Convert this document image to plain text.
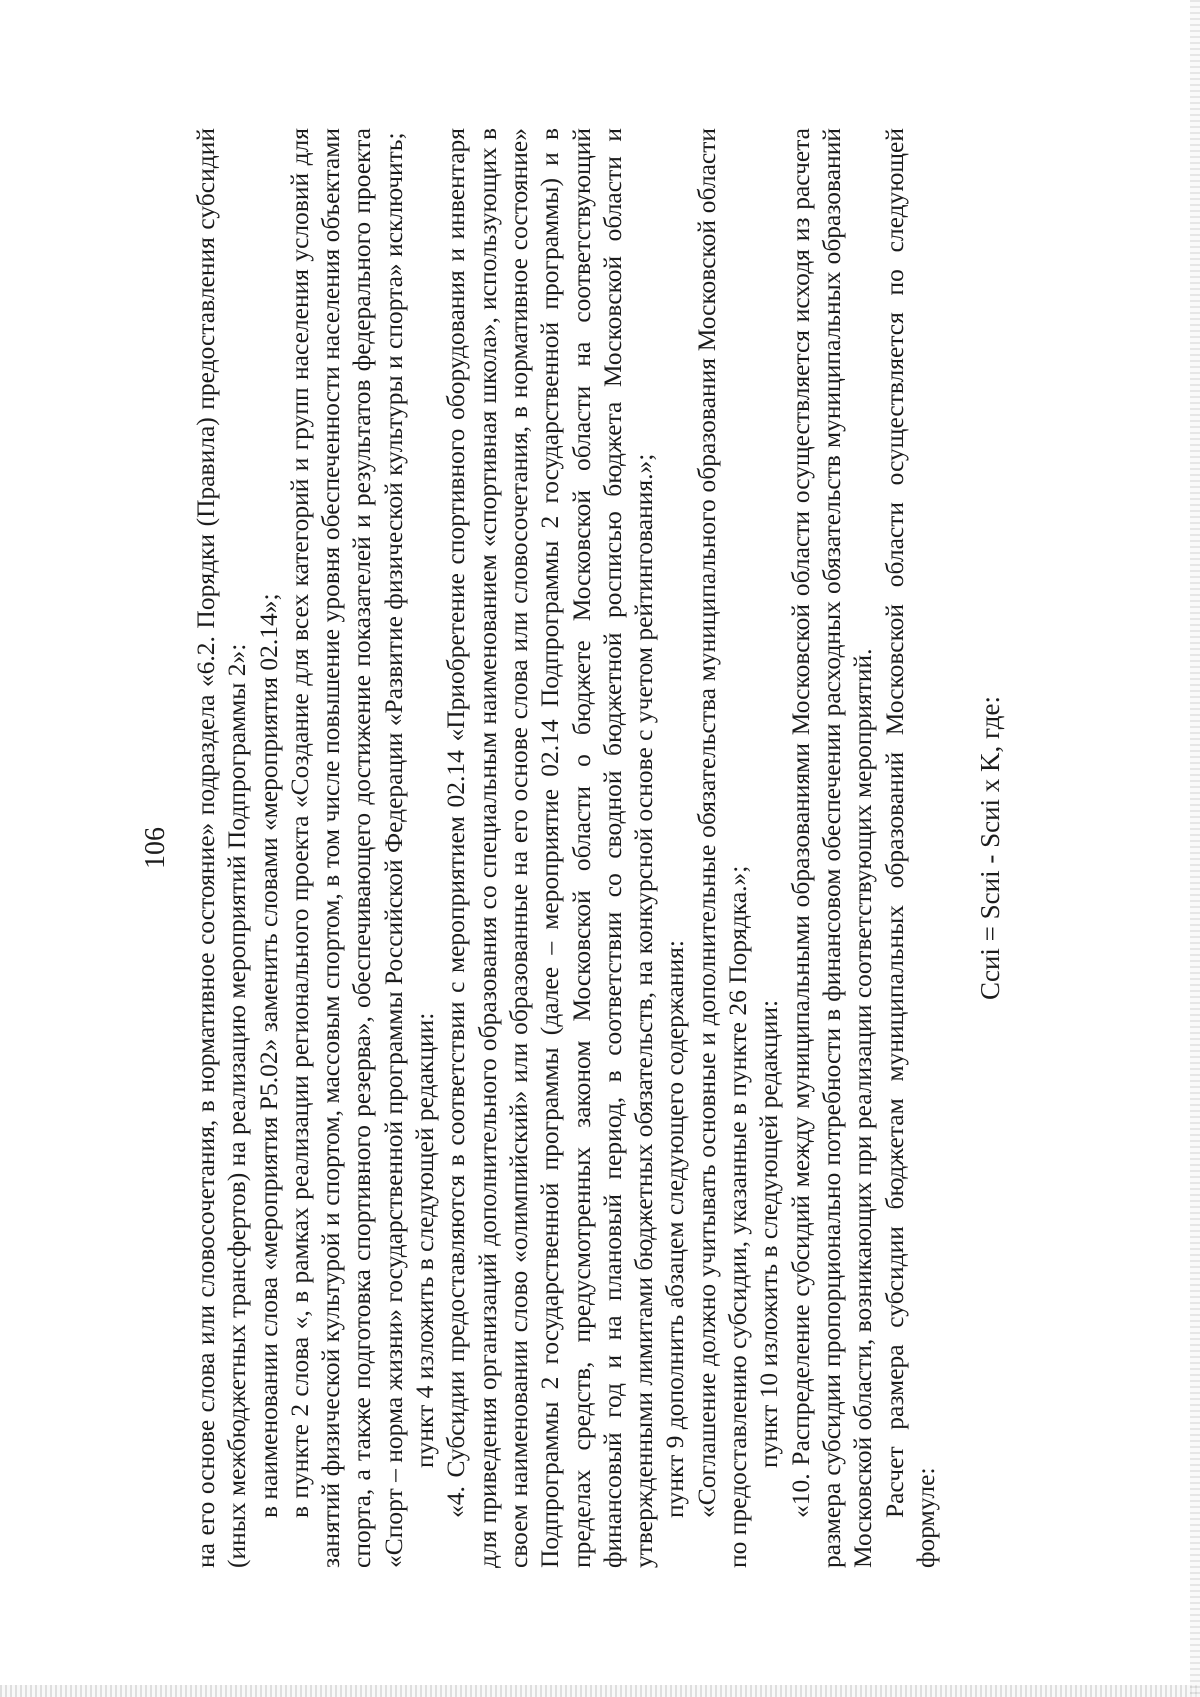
106 на его основе слова или словосочетания, в нормативное состояние» подраздела «6.2. Порядки (Правила) предоставления субсидий (иных межбюджетных трансфертов) на реализацию мероприятий Подпрограммы 2»: в наименовании слова «мероприятия Р5.02» заменить словами «мероприятия 02.14»; в пункте 2 слова «, в рамках реализации регионального проекта «Создание для всех категорий и групп населения условий для занятий физической культурой и спортом, массовым спортом, в том числе повышение уровня обеспеченности населения объектами спорта, а также подготовка спортивного резерва», обеспечивающего достижение показателей и результатов федерального проекта «Спорт – норма жизни» государственной программы Российской Федерации «Развитие физической культуры и спорта» исключить; пункт 4 изложить в следующей редакции: «4. Субсидии предоставляются в соответствии с мероприятием 02.14 «Приобретение спортивного оборудования и инвентаря для приведения организаций дополнительного образования со специальным наименованием «спортивная школа», использующих в своем наименовании слово «олимпийский» или образованные на его основе слова или словосочетания, в нормативное состояние» Подпрограммы 2 государственной программы (далее – мероприятие 02.14 Подпрограммы 2 государственной программы) и в пределах средств, предусмотренных законом Московской области о бюджете Московской области на соответствующий финансовый год и на плановый период, в соответствии со сводной бюджетной росписью бюджета Московской области и утвержденными лимитами бюджетных обязательств, на конкурсной основе с учетом рейтингования.»; пункт 9 дополнить абзацем следующего содержания: «Соглашение должно учитывать основные и дополнительные обязательства муниципального образования Московской области по предоставлению субсидии, указанные в пункте 26 Порядка.»; пункт 10 изложить в следующей редакции: «10. Распределение субсидий между муниципальными образованиями Московской области осуществляется исходя из расчета размера субсидии пропорционально потребности в финансовом обеспечении расходных обязательств муниципальных образований Московской области, возникающих при реализации соответствующих мероприятий. Расчет размера субсидии бюджетам муниципальных образований Московской области осуществляется по следующей формуле:

Ccиi = Scиi - Scиi x K, где:
